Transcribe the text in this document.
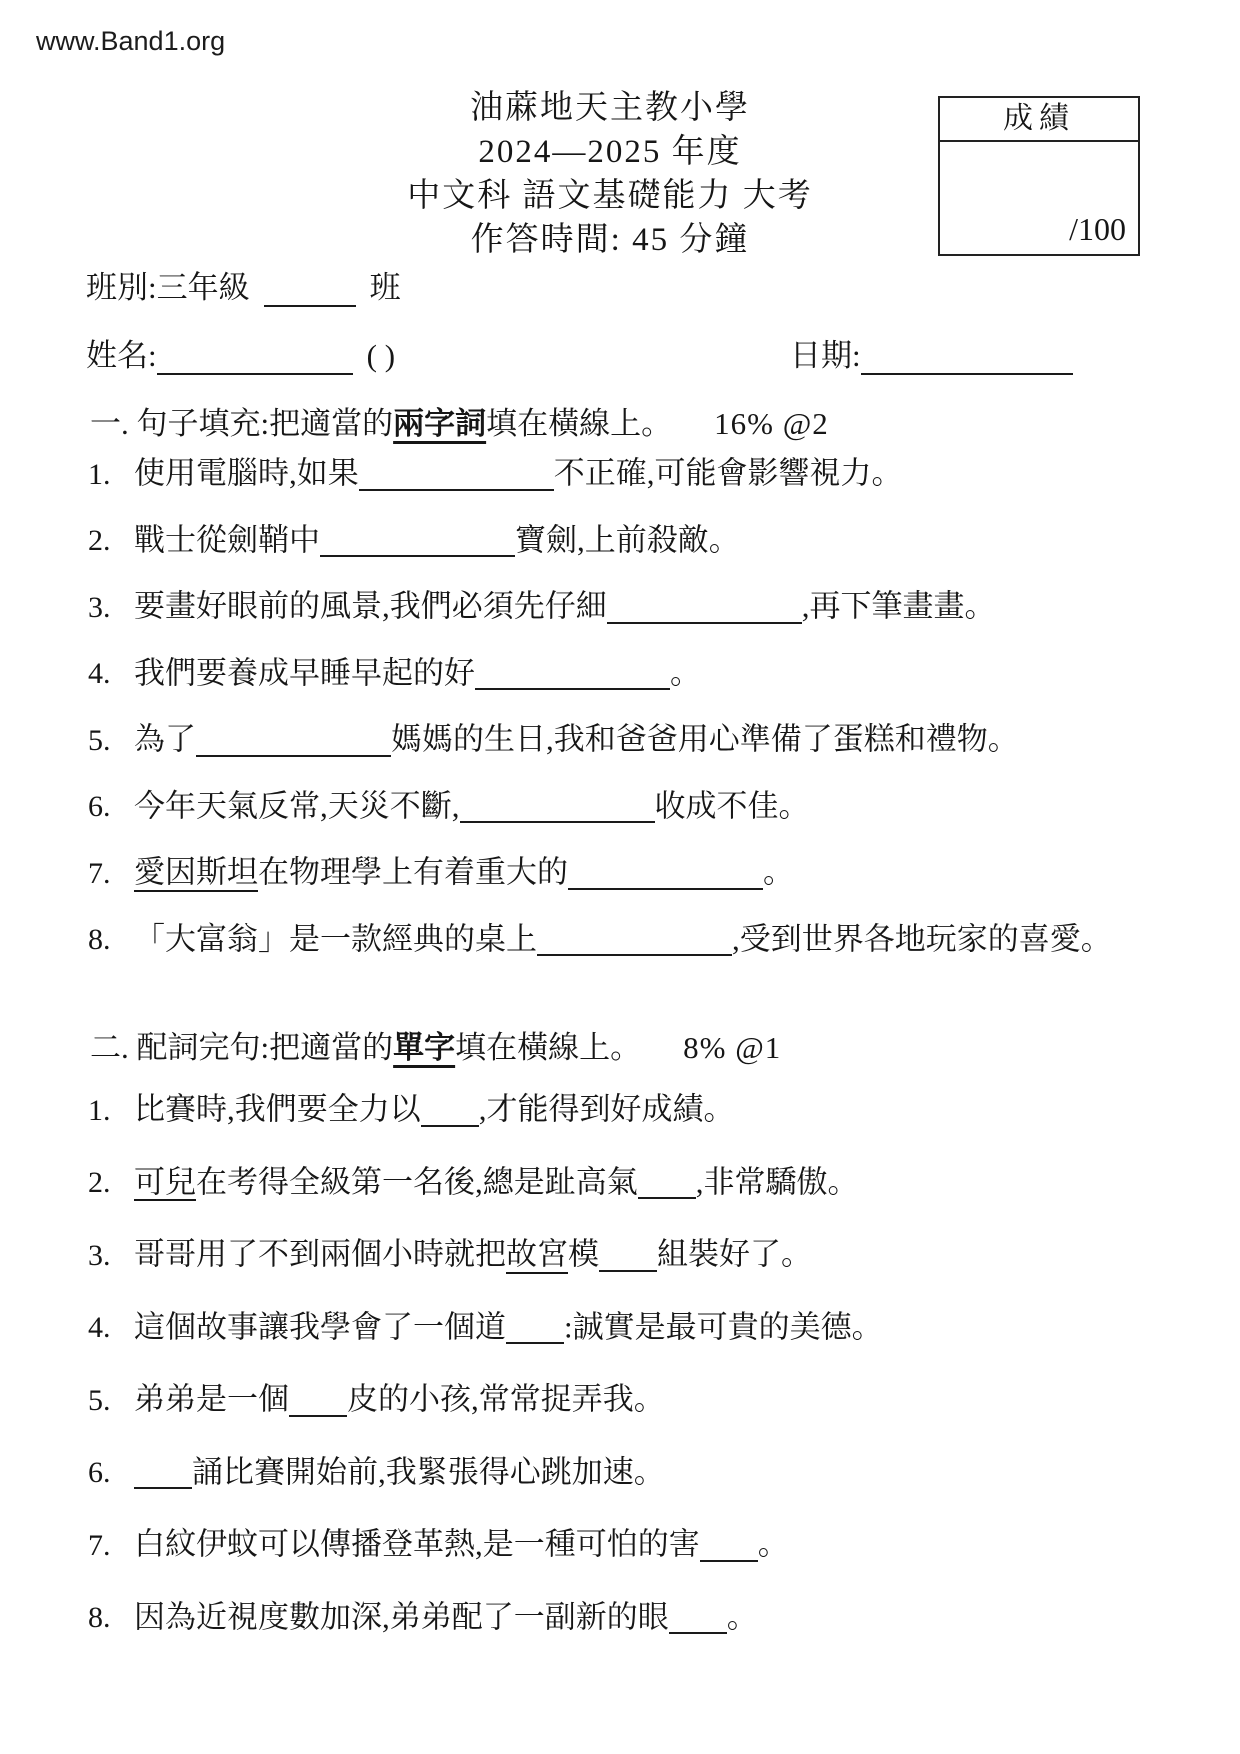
www.Band1.org
油蔴地天主教小學
2024—2025 年度
中文科 語文基礎能力 大考
作答時間: 45 分鐘
成績
/100
班別:三年級	班
姓名:	( )	日期:
一. 句子填充:把適當的兩字詞填在橫線上。 16% @2
1. 使用電腦時,如果	不正確,可能會影響視力。
2. 戰士從劍鞘中	寶劍,上前殺敵。
3. 要畫好眼前的風景,我們必須先仔細	,再下筆畫畫。
4. 我們要養成早睡早起的好	。
5. 為了	媽媽的生日,我和爸爸用心準備了蛋糕和禮物。
6. 今年天氣反常,天災不斷,	收成不佳。
7. 愛因斯坦在物理學上有着重大的	。
8. 「大富翁」是一款經典的桌上	,受到世界各地玩家的喜愛。
二. 配詞完句:把適當的單字填在橫線上。 8% @1
1. 比賽時,我們要全力以 ,才能得到好成績。
2. 可兒在考得全級第一名後,總是趾高氣 ,非常驕傲。
3. 哥哥用了不到兩個小時就把故宮模 組裝好了。
4. 這個故事讓我學會了一個道 :誠實是最可貴的美德。
5. 弟弟是一個 皮的小孩,常常捉弄我。
6.	誦比賽開始前,我緊張得心跳加速。
7. 白紋伊蚊可以傳播登革熱,是一種可怕的害 。
8. 因為近視度數加深,弟弟配了一副新的眼 。
